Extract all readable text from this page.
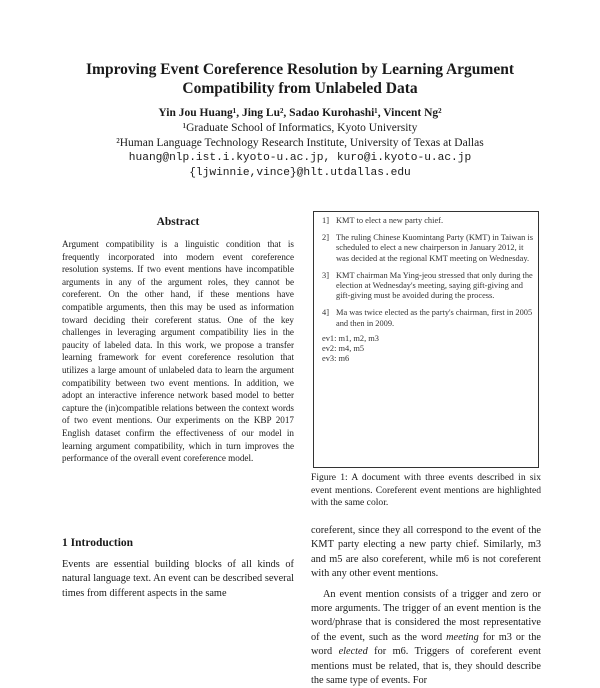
Improving Event Coreference Resolution by Learning Argument
Compatibility from Unlabeled Data
Yin Jou Huang¹, Jing Lu², Sadao Kurohashi¹, Vincent Ng²
¹Graduate School of Informatics, Kyoto University
²Human Language Technology Research Institute, University of Texas at Dallas
huang@nlp.ist.i.kyoto-u.ac.jp, kuro@i.kyoto-u.ac.jp
{ljwinnie,vince}@hlt.utdallas.edu
Abstract
Argument compatibility is a linguistic condition that is frequently incorporated into modern event coreference resolution systems. If two event mentions have incompatible arguments in any of the argument roles, they cannot be coreferent. On the other hand, if these mentions have compatible arguments, then this may be used as information toward deciding their coreferent status. One of the key challenges in leveraging argument compatibility lies in the paucity of labeled data. In this work, we propose a transfer learning framework for event coreference resolution that utilizes a large amount of unlabeled data to learn the argument compatibility between two event mentions. In addition, we adopt an interactive inference network based model to better capture the (in)compatible relations between the context words of two event mentions. Our experiments on the KBP 2017 English dataset confirm the effectiveness of our model in learning argument compatibility, which in turn improves the performance of the overall event coreference model.
1 Introduction
Events are essential building blocks of all kinds of natural language text. An event can be described several times from different aspects in the same
1] KMT to elect a new party chief.
2] The ruling Chinese Kuomintang Party (KMT) in Taiwan is scheduled to elect a new chairperson in January 2012, it was decided at the regional KMT meeting on Wednesday.
3] KMT chairman Ma Ying-jeou stressed that only during the election at Wednesday's meeting, saying gift-giving and gift-giving must be avoided during the process.
4] Ma was twice elected as the party's chairman, first in 2005 and then in 2009.
ev1: m1, m2, m3
ev2: m4, m5
ev3: m6
Figure 1: A document with three events described in six event mentions. Coreferent event mentions are highlighted with the same color.

coreferent, since they all correspond to the event of the KMT party electing a new party chief. Similarly, m3 and m5 are also coreferent, while m6 is not coreferent with any other event mentions.

An event mention consists of a trigger and zero or more arguments. The trigger of an event mention is the word/phrase that is considered the most representative of the event, such as the word meeting for m3 or the word elected for m6. Triggers of coreferent event mentions must be related, that is, they should describe the same type of events. For
